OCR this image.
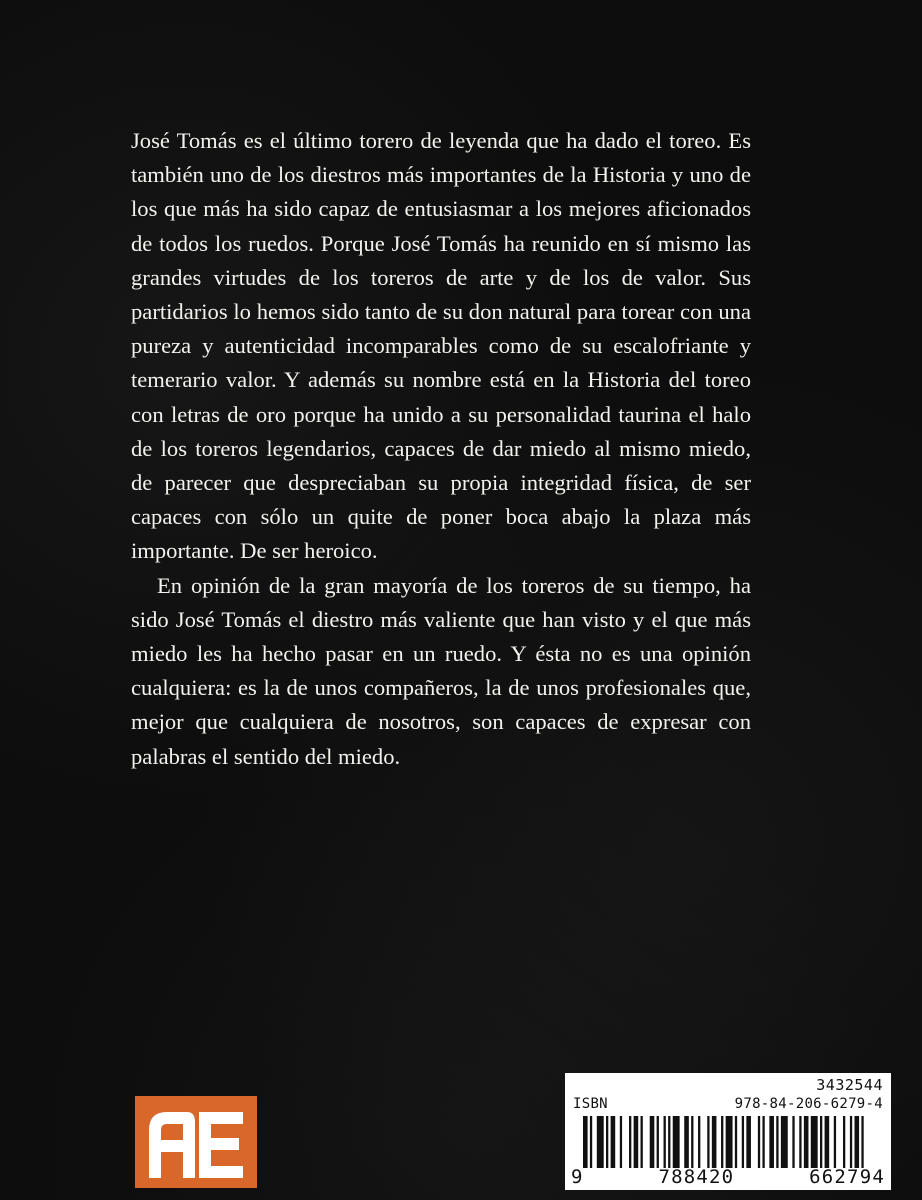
José Tomás es el último torero de leyenda que ha dado el toreo. Es también uno de los diestros más importantes de la Historia y uno de los que más ha sido capaz de entusiasmar a los mejores aficionados de todos los ruedos. Porque José Tomás ha reunido en sí mismo las grandes virtudes de los toreros de arte y de los de valor. Sus partidarios lo hemos sido tanto de su don natural para torear con una pureza y autenticidad incomparables como de su escalofriante y temerario valor. Y además su nombre está en la Historia del toreo con letras de oro porque ha unido a su personalidad taurina el halo de los toreros legendarios, capaces de dar miedo al mismo miedo, de parecer que despreciaban su propia integridad física, de ser capaces con sólo un quite de poner boca abajo la plaza más importante. De ser heroico.

En opinión de la gran mayoría de los toreros de su tiempo, ha sido José Tomás el diestro más valiente que han visto y el que más miedo les ha hecho pasar en un ruedo. Y ésta no es una opinión cualquiera: es la de unos compañeros, la de unos profesionales que, mejor que cualquiera de nosotros, son capaces de expresar con palabras el sentido del miedo.

3432544
ISBN	978-84-206-6279-4
9	788420	662794
